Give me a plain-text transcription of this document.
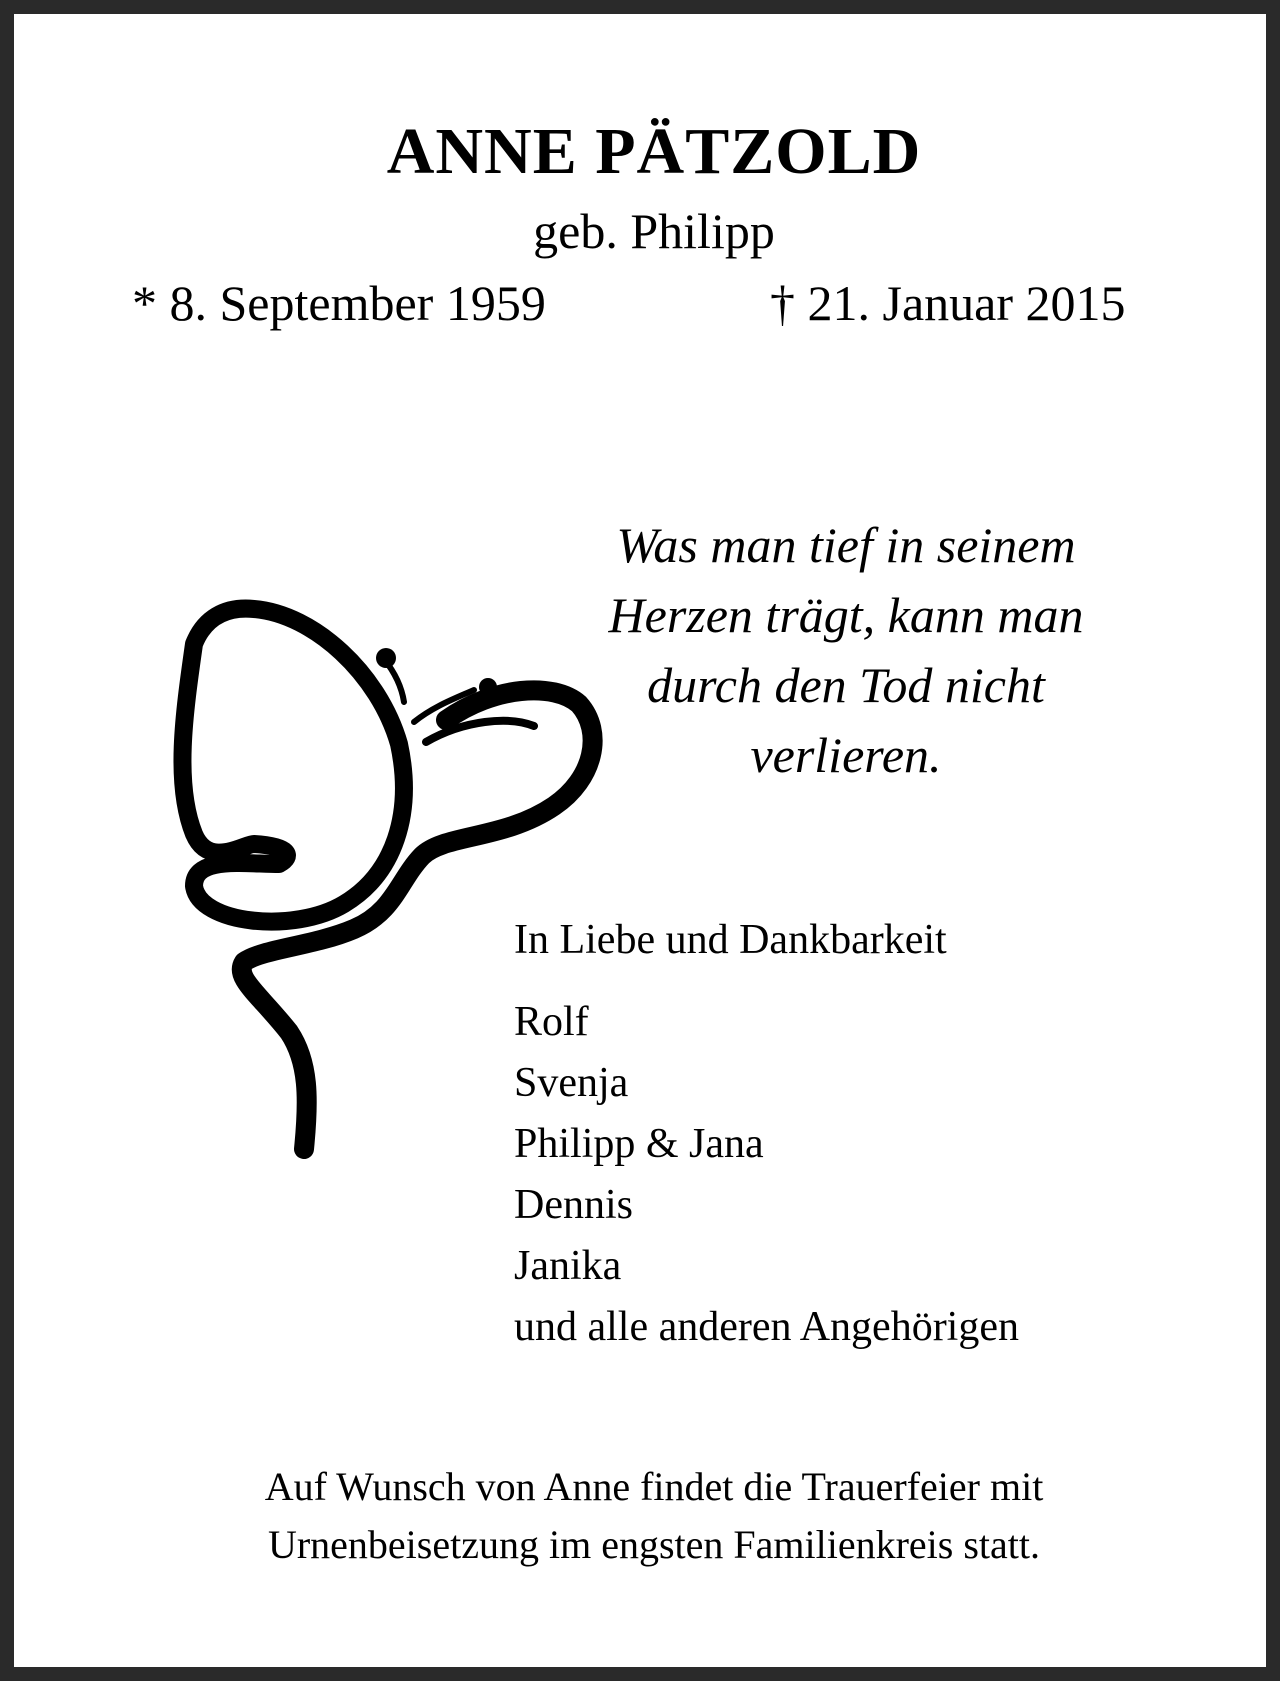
ANNE PÄTZOLD
geb. Philipp
* 8. September 1959	† 21. Januar 2015
Was man tief in seinem
Herzen trägt, kann man
durch den Tod nicht
verlieren.
In Liebe und Dankbarkeit
Rolf
Svenja
Philipp & Jana
Dennis
Janika
und alle anderen Angehörigen
Auf Wunsch von Anne findet die Trauerfeier mit
Urnenbeisetzung im engsten Familienkreis statt.
